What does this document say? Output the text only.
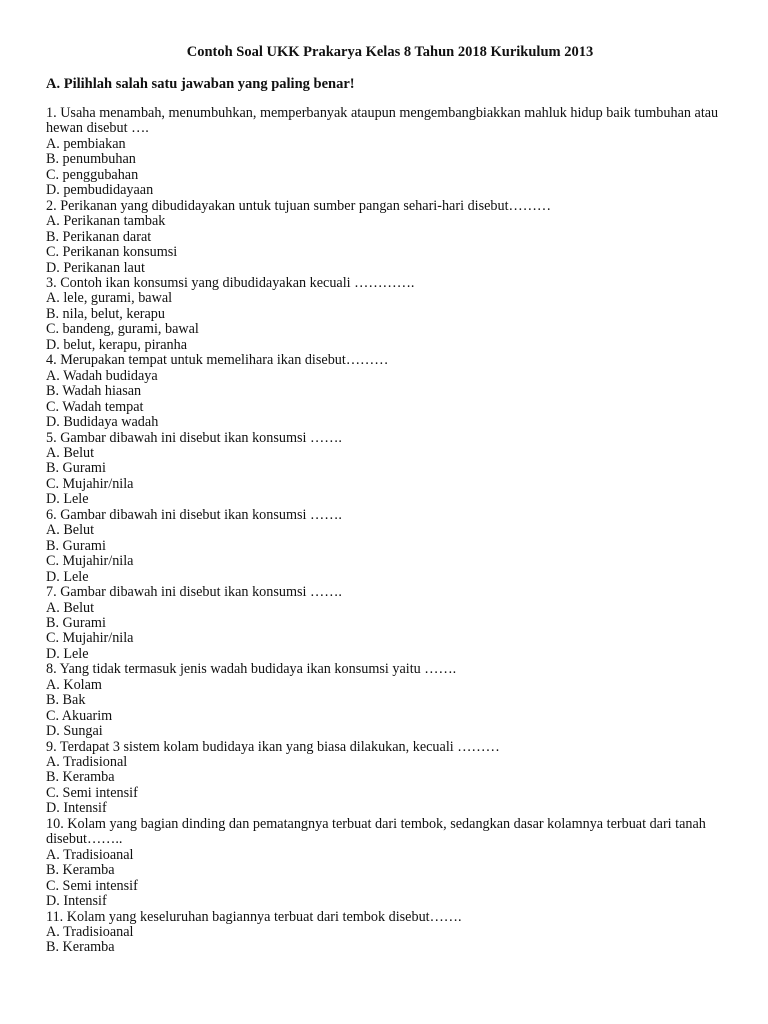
Contoh Soal UKK Prakarya Kelas 8 Tahun 2018 Kurikulum 2013
A. Pilihlah salah satu jawaban yang paling benar!
1. Usaha menambah, menumbuhkan, memperbanyak ataupun mengembangbiakkan mahluk hidup baik tumbuhan atau hewan disebut ….
A. pembiakan
B. penumbuhan
C. penggubahan
D. pembudidayaan
2. Perikanan yang dibudidayakan untuk tujuan sumber pangan sehari-hari disebut………
A. Perikanan tambak
B. Perikanan darat
C. Perikanan konsumsi
D. Perikanan laut
3. Contoh ikan konsumsi yang dibudidayakan kecuali ………….
A. lele, gurami, bawal
B. nila, belut, kerapu
C. bandeng, gurami, bawal
D. belut, kerapu, piranha
4. Merupakan tempat untuk memelihara ikan disebut………
A. Wadah budidaya
B. Wadah hiasan
C. Wadah tempat
D. Budidaya wadah
5. Gambar dibawah ini disebut ikan konsumsi …….
A. Belut
B. Gurami
C. Mujahir/nila
D. Lele
6. Gambar dibawah ini disebut ikan konsumsi …….
A. Belut
B. Gurami
C. Mujahir/nila
D. Lele
7. Gambar dibawah ini disebut ikan konsumsi …….
A. Belut
B. Gurami
C. Mujahir/nila
D. Lele
8. Yang tidak termasuk jenis wadah budidaya ikan konsumsi yaitu …….
A. Kolam
B. Bak
C. Akuarim
D. Sungai
9. Terdapat 3 sistem kolam budidaya ikan yang biasa dilakukan, kecuali ………
A. Tradisional
B. Keramba
C. Semi intensif
D. Intensif
10. Kolam yang bagian dinding dan pematangnya terbuat dari tembok, sedangkan dasar kolamnya terbuat dari tanah disebut……..
A. Tradisioanal
B. Keramba
C. Semi intensif
D. Intensif
11. Kolam yang keseluruhan bagiannya terbuat dari tembok disebut…….
A. Tradisioanal
B. Keramba
